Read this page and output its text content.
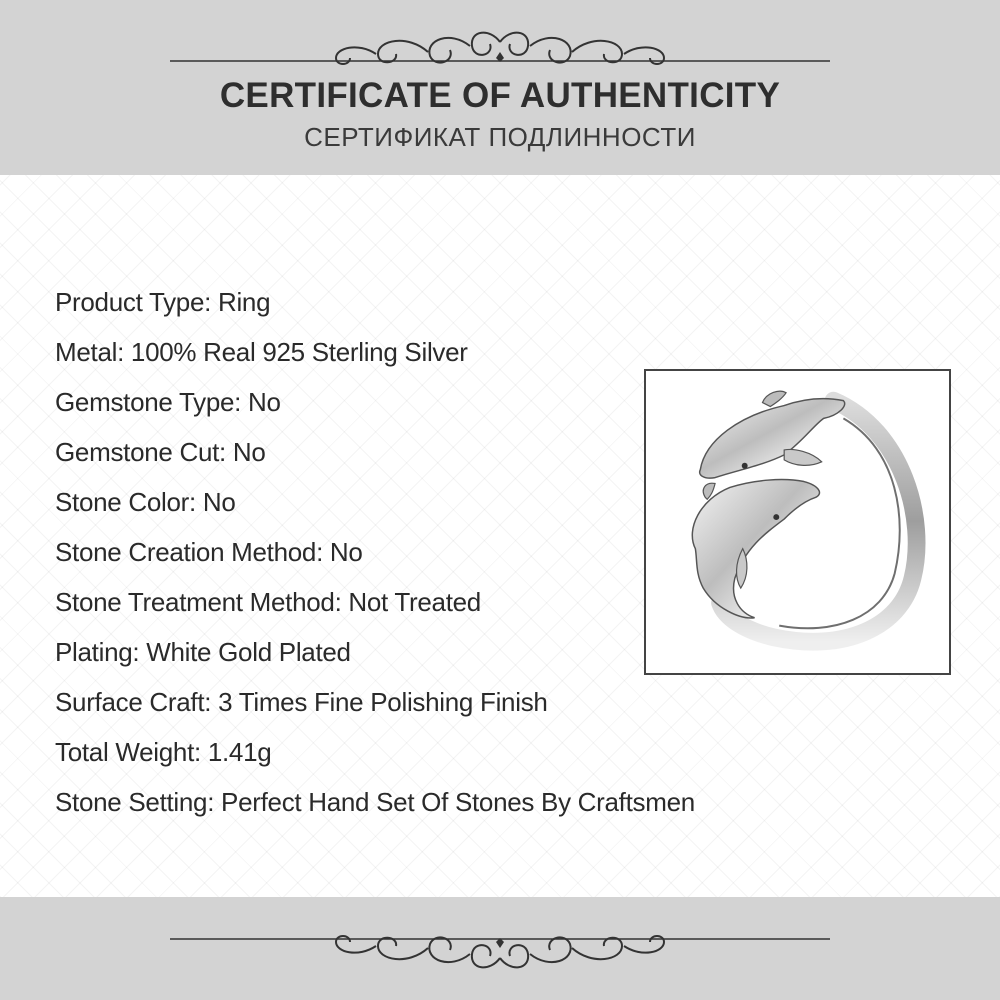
CERTIFICATE OF AUTHENTICITY
СЕРТИФИКАТ ПОДЛИННОСТИ
Product Type: Ring
Metal: 100% Real 925 Sterling Silver
Gemstone Type: No
Gemstone Cut: No
Stone Color: No
Stone Creation Method: No
Stone Treatment Method: Not Treated
Plating: White Gold Plated
Surface Craft: 3 Times Fine Polishing Finish
Total Weight: 1.41g
Stone Setting: Perfect Hand Set Of Stones By Craftsmen
